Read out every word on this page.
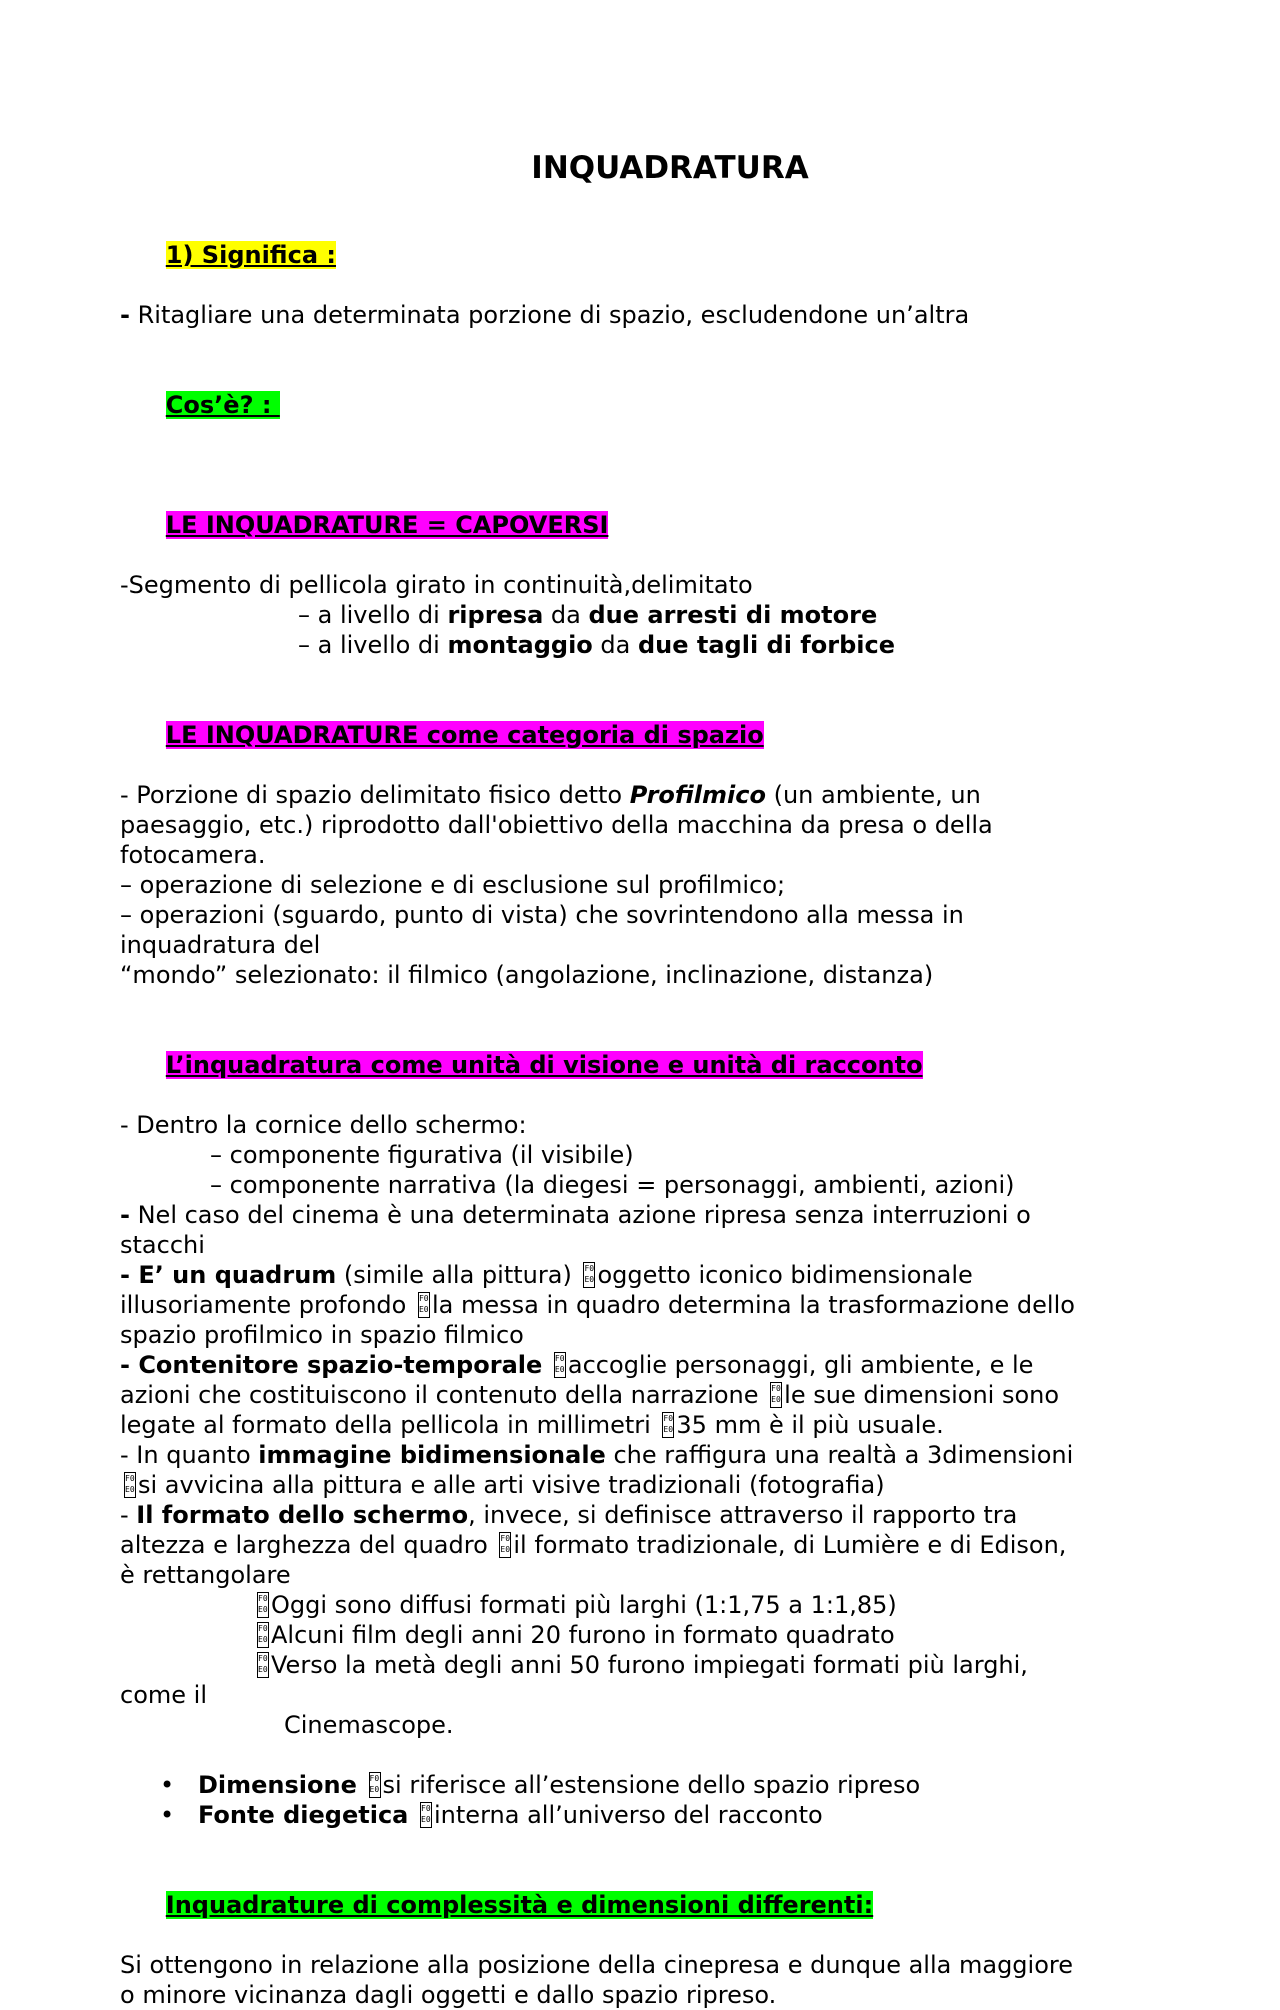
INQUADRATURA

1) Significa :

- Ritagliare una determinata porzione di spazio, escludendone un’altra

Cos’è? :

LE INQUADRATURE = CAPOVERSI

-Segmento di pellicola girato in continuità,delimitato
– a livello di ripresa da due arresti di motore
– a livello di montaggio da due tagli di forbice

LE INQUADRATURE come categoria di spazio

- Porzione di spazio delimitato fisico detto Profilmico (un ambiente, un
paesaggio, etc.) riprodotto dall'obiettivo della macchina da presa o della
fotocamera.
– operazione di selezione e di esclusione sul profilmico;
– operazioni (sguardo, punto di vista) che sovrintendono alla messa in
inquadratura del
“mondo” selezionato: il filmico (angolazione, inclinazione, distanza)

L’inquadratura come unità di visione e unità di racconto

- Dentro la cornice dello schermo:
– componente figurativa (il visibile)
– componente narrativa (la diegesi = personaggi, ambienti, azioni)
- Nel caso del cinema è una determinata azione ripresa senza interruzioni o
stacchi
- E’ un quadrum (simile alla pittura) F0  E0oggetto iconico bidimensionale
illusoriamente profondo F0  E0la messa in quadro determina la trasformazione dello
spazio profilmico in spazio filmico
- Contenitore spazio-temporale F0  E0 accoglie personaggi, gli ambiente, e le
azioni che costituiscono il contenuto della narrazione F0  E0le sue dimensioni sono
legate al formato della pellicola in millimetri F0  E035 mm è il più usuale.
- In quanto immagine bidimensionale che raffigura una realtà a 3dimensioni
F0  E0si avvicina alla pittura e alle arti visive tradizionali (fotografia)
- Il formato dello schermo, invece, si definisce attraverso il rapporto tra
altezza e larghezza del quadro F0  E0il formato tradizionale, di Lumière e di Edison,
è rettangolare
F0  E0Oggi sono diffusi formati più larghi (1:1,75 a 1:1,85)
F0  E0Alcuni film degli anni 20 furono in formato quadrato
F0  E0Verso la metà degli anni 50 furono impiegati formati più larghi,
come il
Cinemascope.
• Dimensione F0 E0 si riferisce all’estensione dello spazio ripreso
• Fonte diegetica F0 E0 interna all’universo del racconto

Inquadrature di complessità e dimensioni differenti:

Si ottengono in relazione alla posizione della cinepresa e dunque alla maggiore
o minore vicinanza dagli oggetti e dallo spazio ripreso.
